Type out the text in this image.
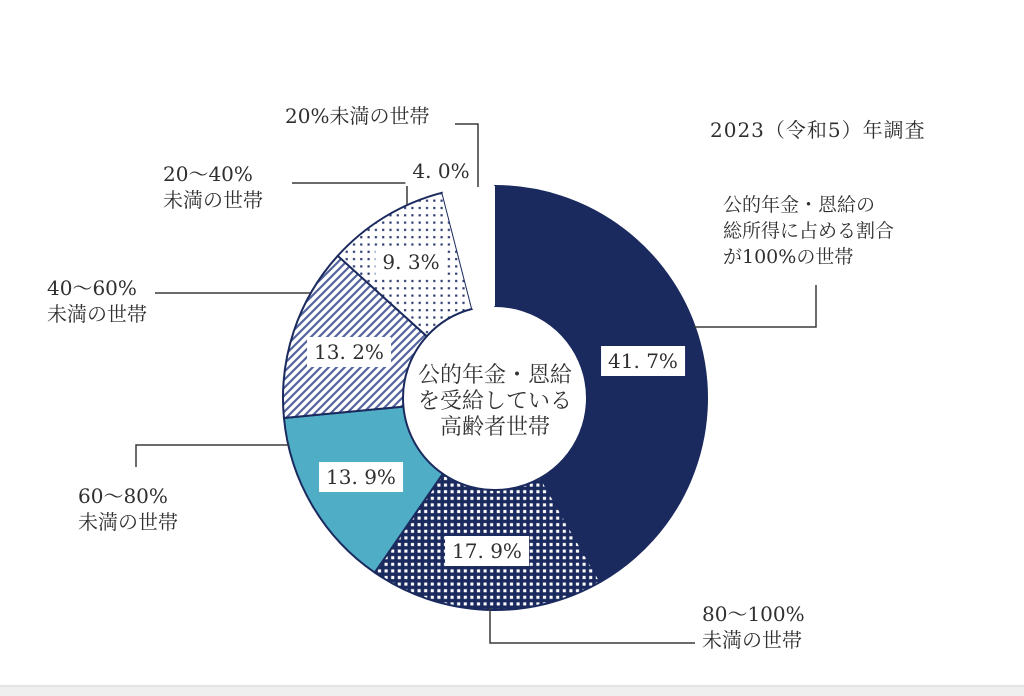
2023（令和5）年調査
公的年金・恩給の
総所得に占める割合
が100%の世帯
20%未満の世帯
20～40%
未満の世帯
40～60%
未満の世帯
60～80%
未満の世帯
80～100%
未満の世帯
41. 7%
17. 9%
13. 9%
13. 2%
9. 3%
4. 0%
公的年金・恩給
を受給している
高齢者世帯
